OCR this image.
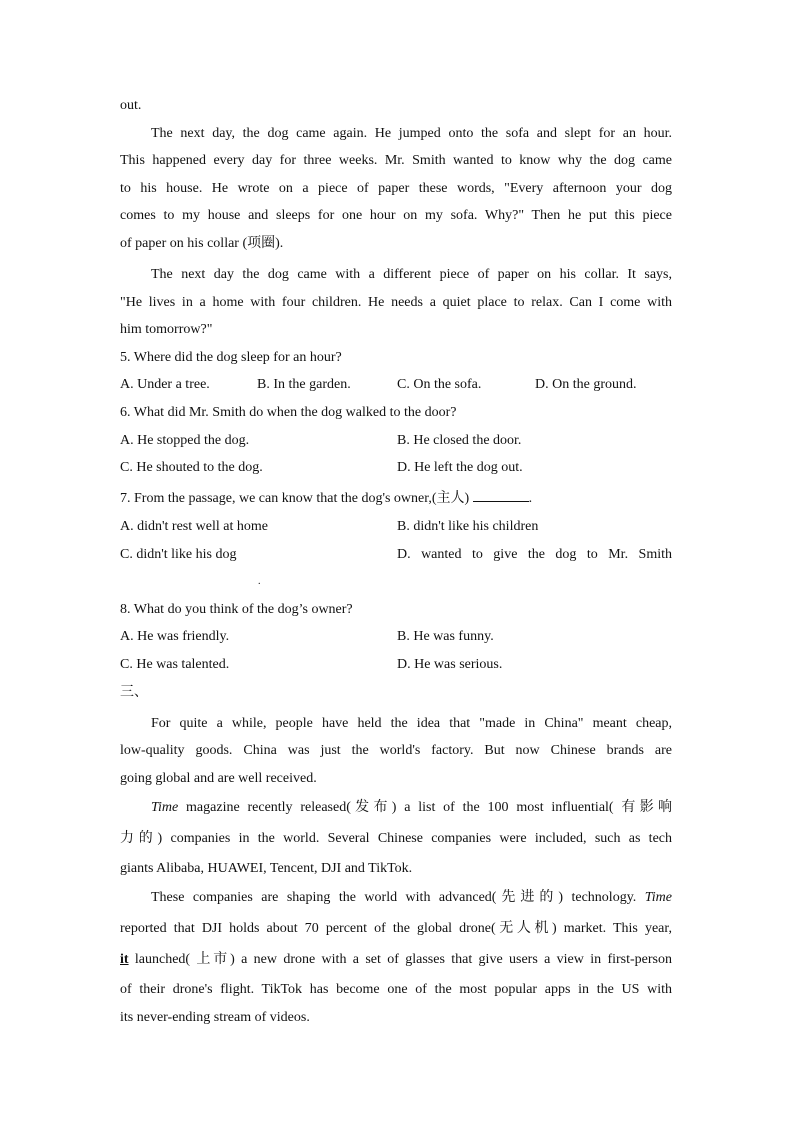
out.
The next day, the dog came again. He jumped onto the sofa and slept for an hour.
This happened every day for three weeks. Mr. Smith wanted to know why the dog came
to his house. He wrote on a piece of paper these words, "Every afternoon your dog
comes to my house and sleeps for one hour on my sofa. Why?" Then he put this piece
of paper on his collar (项圈).
The next day the dog came with a different piece of paper on his collar. It says,
"He lives in a home with four children. He needs a quiet place to relax. Can I come with
him tomorrow?"
5. Where did the dog sleep for an hour?
A. Under a tree.	B. In the garden.	C. On the sofa.	D. On the ground.
6. What did Mr. Smith do when the dog walked to the door?
A. He stopped the dog.	B. He closed the door.
C. He shouted to the dog.	D. He left the dog out.
7. From the passage, we can know that the dog's owner,(主人)	.
A. didn't rest well at home	B. didn't like his children
C. didn't like his dog	D. wanted to give the dog to Mr. Smith
.
8. What do you think of the dog’s owner?
A. He was friendly.	B. He was funny.
C. He was talented.	D. He was serious.
三、
For quite a while, people have held the idea that "made in China" meant cheap,
low-quality goods. China was just the world's factory. But now Chinese brands are
going global and are well received.
Time magazine recently released(发布) a list of the 100 most influential( 有影响
力的) companies in the world. Several Chinese companies were included, such as tech
giants Alibaba, HUAWEI, Tencent, DJI and TikTok.
These companies are shaping the world with advanced(先进的) technology. Time
reported that DJI holds about 70 percent of the global drone(无人机) market. This year,
it launched( 上市) a new drone with a set of glasses that give users a view in first-person
of their drone's flight. TikTok has become one of the most popular apps in the US with
its never-ending stream of videos.
